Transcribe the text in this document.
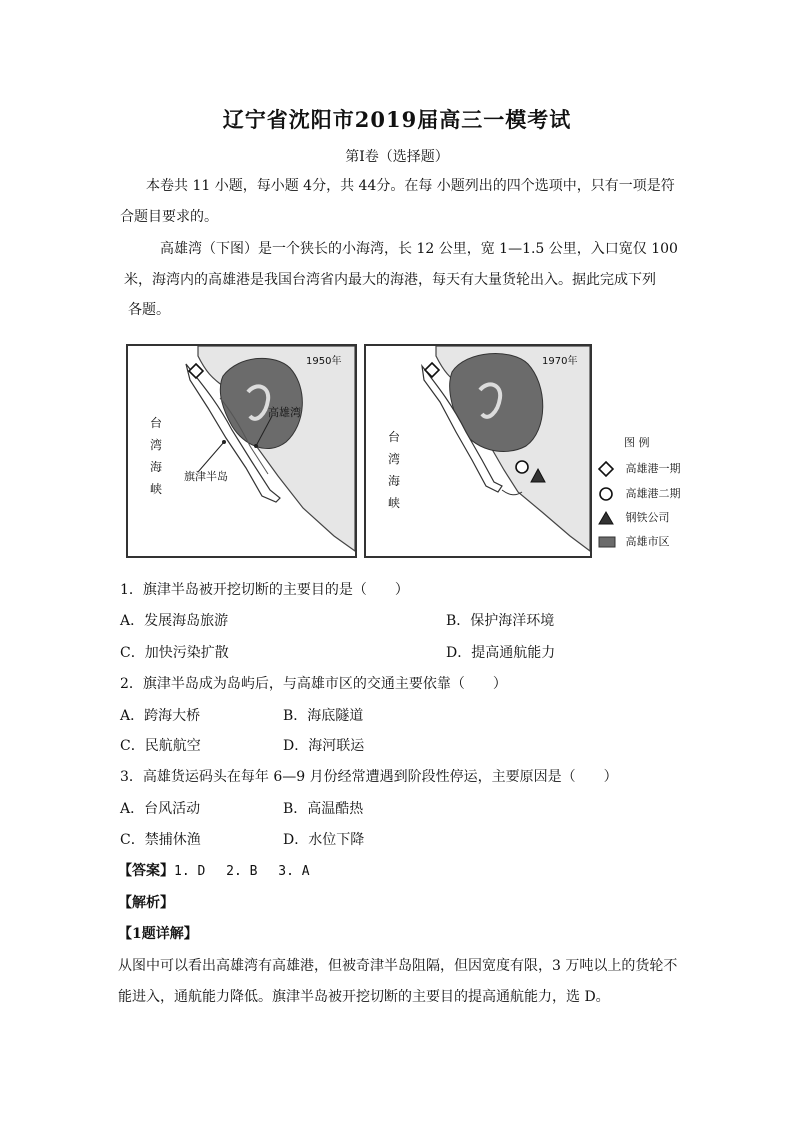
辽宁省沈阳市2019届高三一模考试
第Ⅰ卷（选择题）
本卷共 11 小题，每小题 4分，共 44分。在每 小题列出的四个选项中，只有一项是符
合题目要求的。
高雄湾（下图）是一个狭长的小海湾，长 12 公里，宽 1—1.5 公里，入口宽仅 100
米，海湾内的高雄港是我国台湾省内最大的海港，每天有大量货轮出入。据此完成下列
各题。
1950年
高雄湾
旗津半岛
台
湾
海
峡
1970年
台
湾
海
峡
图 例
高雄港一期
高雄港二期
钢铁公司
高雄市区
1．旗津半岛被开挖切断的主要目的是（　　）
A．发展海岛旅游	B．保护海洋环境
C．加快污染扩散	D．提高通航能力
2．旗津半岛成为岛屿后，与高雄市区的交通主要依靠（　　）
A．跨海大桥	B．海底隧道
C．民航航空	D．海河联运
3．高雄货运码头在每年 6—9 月份经常遭遇到阶段性停运，主要原因是（　　）
A．台风活动	B．高温酷热
C．禁捕休渔	D．水位下降
【答案】1. D　 2. B　 3. A
【解析】
【1题详解】
从图中可以看出高雄湾有高雄港，但被奇津半岛阻隔，但因宽度有限，3 万吨以上的货轮不
能进入，通航能力降低。旗津半岛被开挖切断的主要目的提高通航能力，选 D。
